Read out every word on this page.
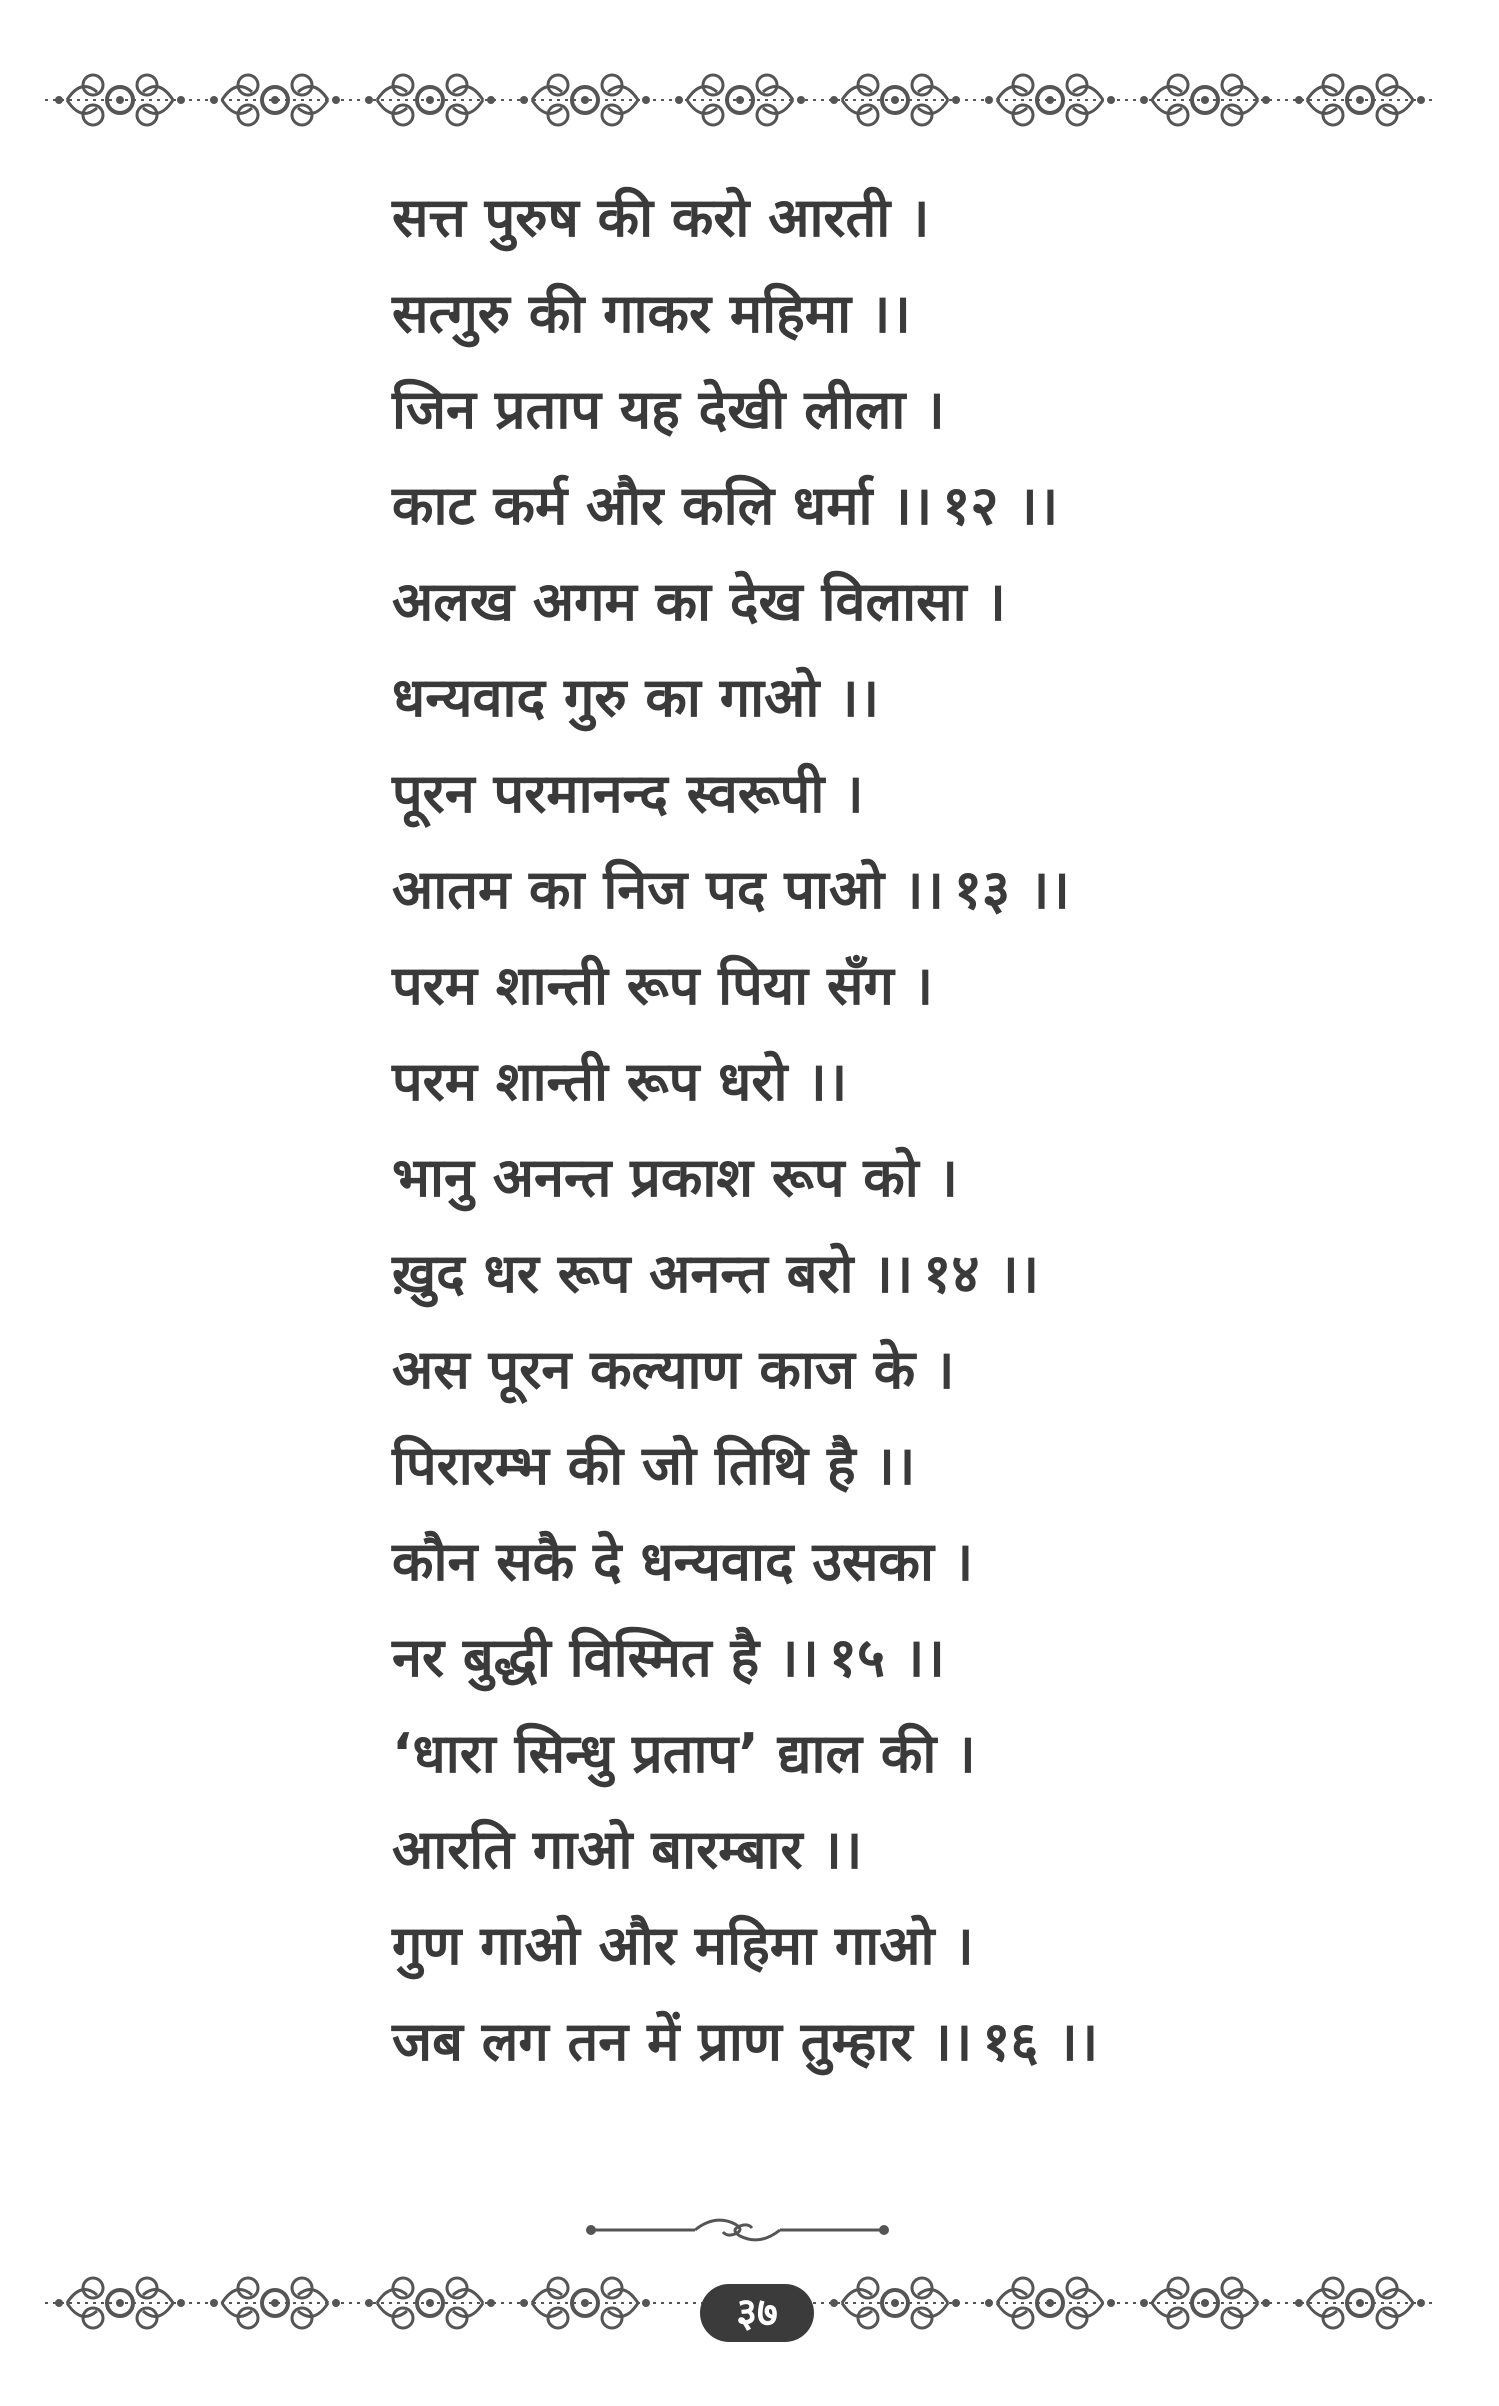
सत्त पुरुष की करो आरती ।
सत्गुरु की गाकर महिमा ।।
जिन प्रताप यह देखी लीला ।
काट कर्म और कलि धर्मा ।। १२ ।।
अलख अगम का देख विलासा ।
धन्यवाद गुरु का गाओ ।।
पूरन परमानन्द स्वरूपी ।
आतम का निज पद पाओ ।। १३ ।।
परम शान्ती रूप पिया सँग ।
परम शान्ती रूप धरो ।।
भानु अनन्त प्रकाश रूप को ।
ख़ुद धर रूप अनन्त बरो ।। १४ ।।
अस पूरन कल्याण काज के ।
पिरारम्भ की जो तिथि है ।।
कौन सकै दे धन्यवाद उसका ।
नर बुद्धी विस्मित है ।। १५ ।।
‘धारा सिन्धु प्रताप’ द्याल की ।
आरति गाओ बारम्बार ।।
गुण गाओ और महिमा गाओ ।
जब लग तन में प्राण तुम्हार ।। १६ ।।
३७
